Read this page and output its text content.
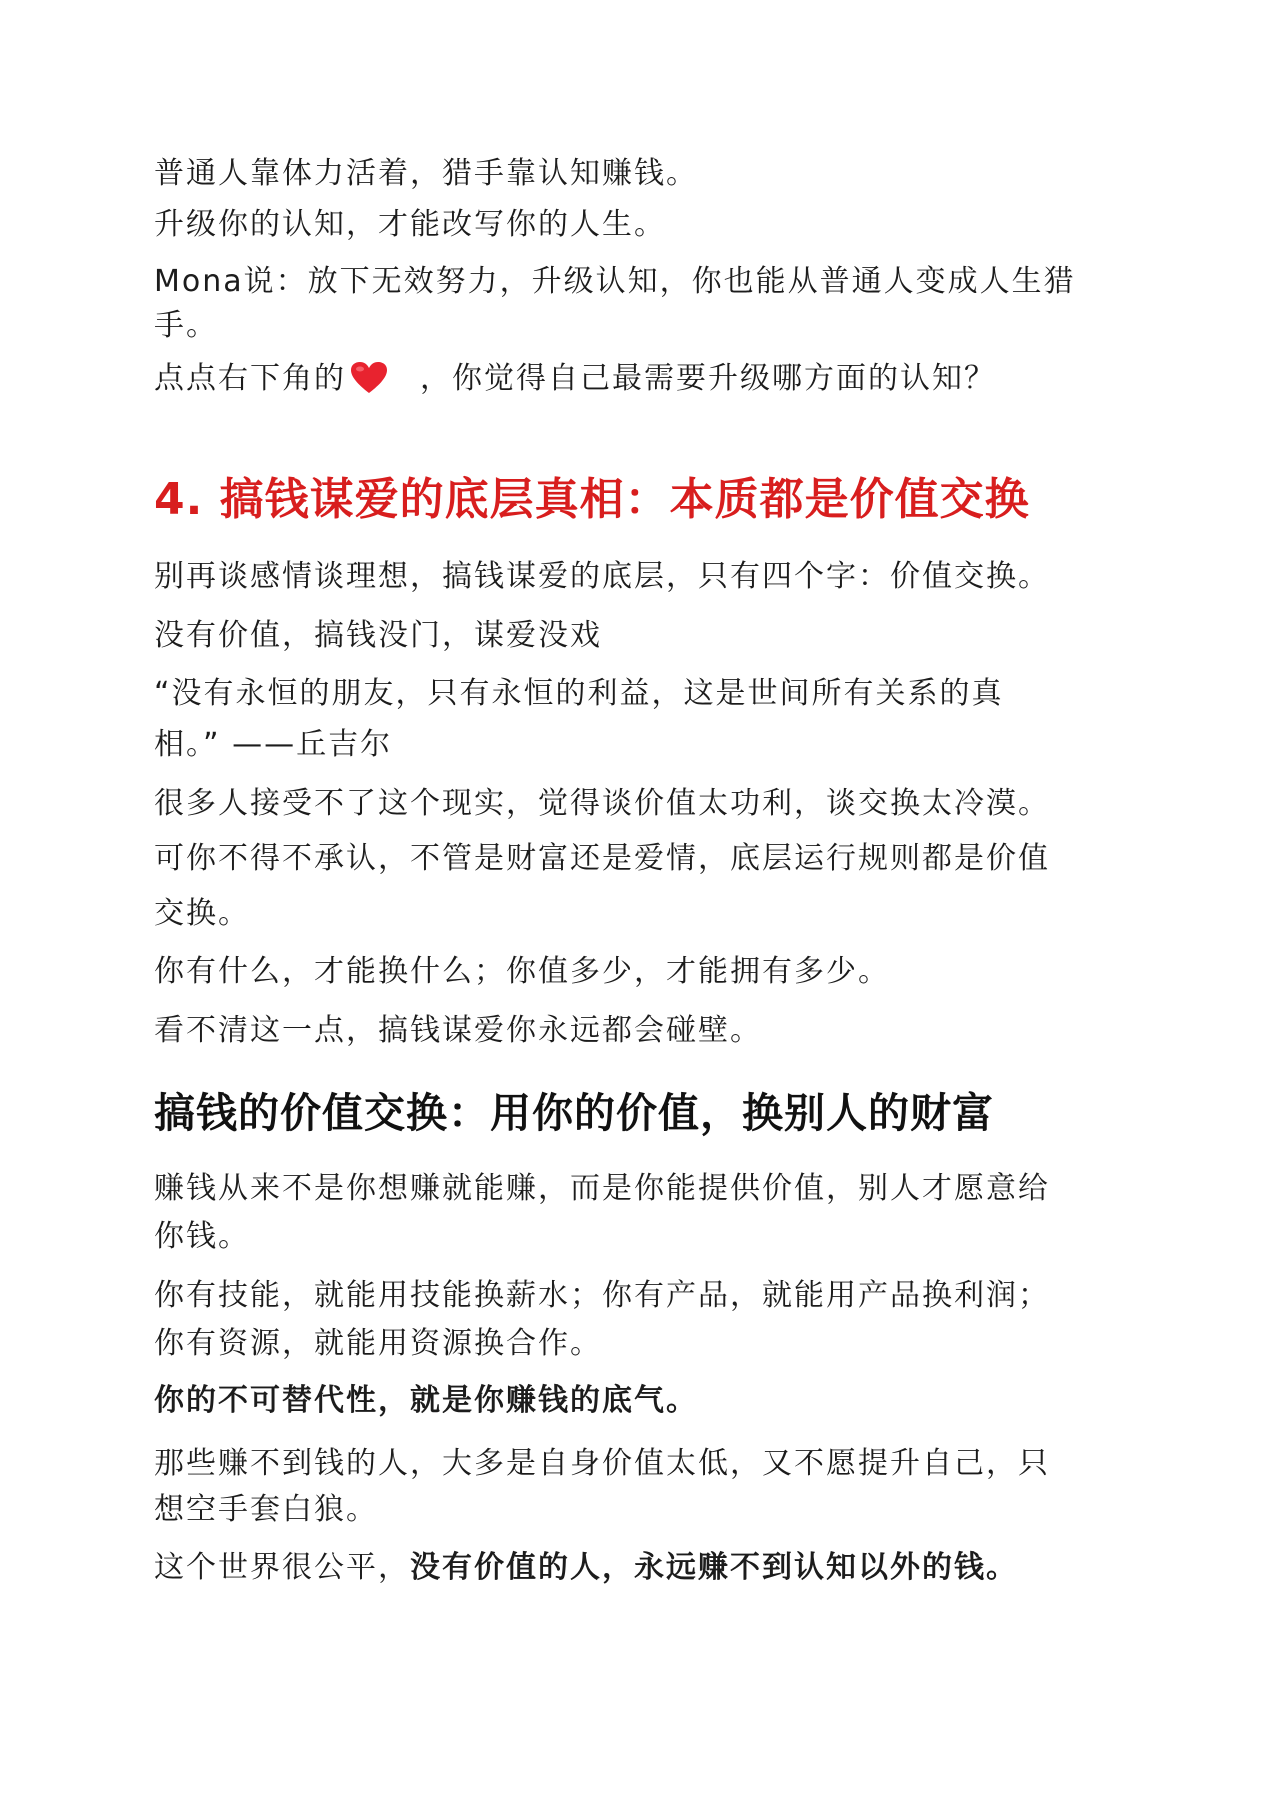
普通人靠体力活着，猎手靠认知赚钱。
升级你的认知，才能改写你的人生。
Mona说：放下无效努力，升级认知，你也能从普通人变成人生猎
手。
点点右下角的 ，你觉得自己最需要升级哪方面的认知？
4. 搞钱谋爱的底层真相：本质都是价值交换
别再谈感情谈理想，搞钱谋爱的底层，只有四个字：价值交换。
没有价值，搞钱没门，谋爱没戏
“没有永恒的朋友，只有永恒的利益，这是世间所有关系的真
相。” ——丘吉尔
很多人接受不了这个现实，觉得谈价值太功利，谈交换太冷漠。
可你不得不承认，不管是财富还是爱情，底层运行规则都是价值
交换。
你有什么，才能换什么；你值多少，才能拥有多少。
看不清这一点，搞钱谋爱你永远都会碰壁。
搞钱的价值交换：用你的价值，换别人的财富
赚钱从来不是你想赚就能赚，而是你能提供价值，别人才愿意给
你钱。
你有技能，就能用技能换薪水；你有产品，就能用产品换利润；
你有资源，就能用资源换合作。
你的不可替代性，就是你赚钱的底气。
那些赚不到钱的人，大多是自身价值太低，又不愿提升自己，只
想空手套白狼。
这个世界很公平，没有价值的人，永远赚不到认知以外的钱。
